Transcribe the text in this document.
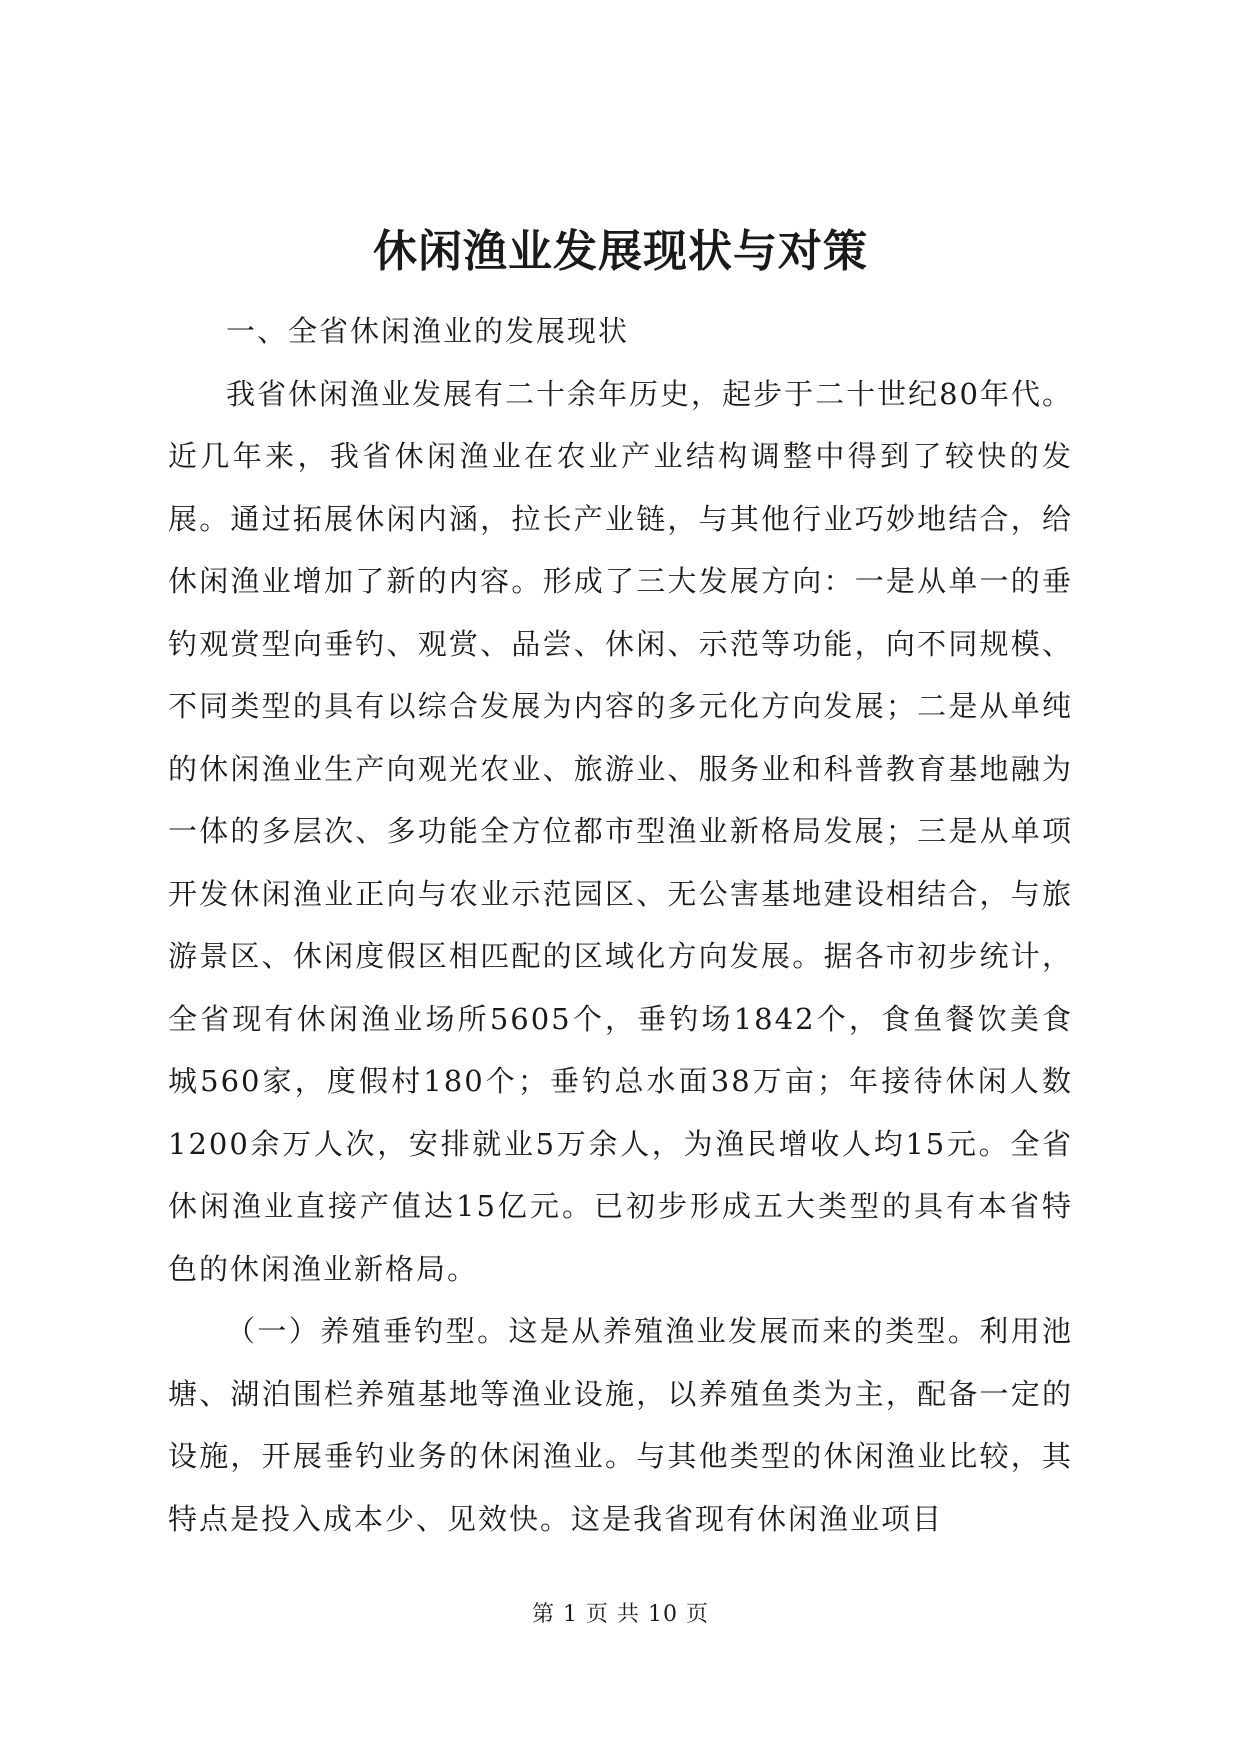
休闲渔业发展现状与对策

一、全省休闲渔业的发展现状

我省休闲渔业发展有二十余年历史，起步于二十世纪80年代。近几年来，我省休闲渔业在农业产业结构调整中得到了较快的发展。通过拓展休闲内涵，拉长产业链，与其他行业巧妙地结合，给休闲渔业增加了新的内容。形成了三大发展方向：一是从单一的垂钓观赏型向垂钓、观赏、品尝、休闲、示范等功能，向不同规模、不同类型的具有以综合发展为内容的多元化方向发展；二是从单纯的休闲渔业生产向观光农业、旅游业、服务业和科普教育基地融为一体的多层次、多功能全方位都市型渔业新格局发展；三是从单项开发休闲渔业正向与农业示范园区、无公害基地建设相结合，与旅游景区、休闲度假区相匹配的区域化方向发展。据各市初步统计，全省现有休闲渔业场所5605个，垂钓场1842个，食鱼餐饮美食城560家，度假村180个；垂钓总水面38万亩；年接待休闲人数1200余万人次，安排就业5万余人，为渔民增收人均15元。全省休闲渔业直接产值达15亿元。已初步形成五大类型的具有本省特色的休闲渔业新格局。

（一）养殖垂钓型。这是从养殖渔业发展而来的类型。利用池塘、湖泊围栏养殖基地等渔业设施，以养殖鱼类为主，配备一定的设施，开展垂钓业务的休闲渔业。与其他类型的休闲渔业比较，其特点是投入成本少、见效快。这是我省现有休闲渔业项目

第 1 页 共 10 页
